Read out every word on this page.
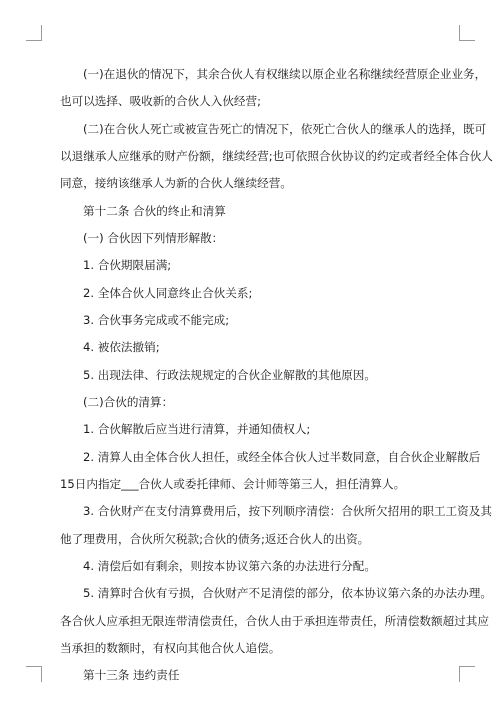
(一)在退伙的情况下，其余合伙人有权继续以原企业名称继续经营原企业业务，
也可以选择、吸收新的合伙人入伙经营;
(二)在合伙人死亡或被宣告死亡的情况下，依死亡合伙人的继承人的选择，既可
以退继承人应继承的财产份额，继续经营;也可依照合伙协议的约定或者经全体合伙人
同意，接纳该继承人为新的合伙人继续经营。
第十二条 合伙的终止和清算
(一) 合伙因下列情形解散：
1. 合伙期限届满;
2. 全体合伙人同意终止合伙关系;
3. 合伙事务完成或不能完成;
4. 被依法撤销;
5. 出现法律、行政法规规定的合伙企业解散的其他原因。
(二)合伙的清算：
1. 合伙解散后应当进行清算，并通知债权人;
2. 清算人由全体合伙人担任，或经全体合伙人过半数同意，自合伙企业解散后
15日内指定___合伙人或委托律师、会计师等第三人，担任清算人。
3. 合伙财产在支付清算费用后，按下列顺序清偿：合伙所欠招用的职工工资及其
他了理费用，合伙所欠税款;合伙的债务;返还合伙人的出资。
4. 清偿后如有剩余，则按本协议第六条的办法进行分配。
5. 清算时合伙有亏损，合伙财产不足清偿的部分，依本协议第六条的办法办理。
各合伙人应承担无限连带清偿责任，合伙人由于承担连带责任，所清偿数额超过其应
当承担的数额时，有权向其他合伙人追偿。
第十三条 违约责任
